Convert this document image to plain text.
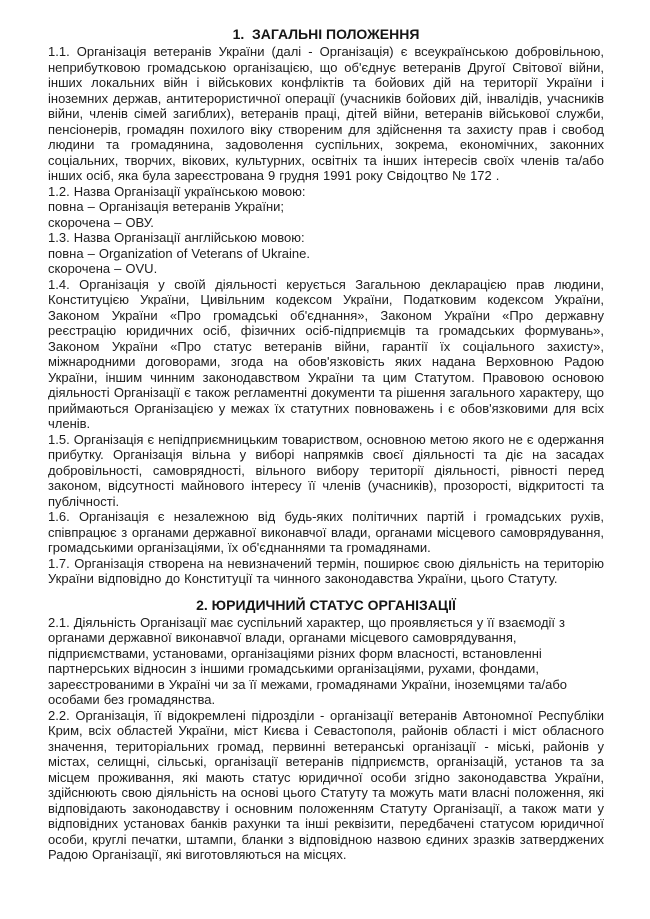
1.  ЗАГАЛЬНІ ПОЛОЖЕННЯ

1.1. Організація ветеранів України (далі - Організація) є всеукраїнською добровільною, неприбутковою громадською організацією, що об'єднує ветеранів Другої Світової війни, інших локальних війн і військових конфліктів та бойових дій на території України і іноземних держав, антитерористичної операції (учасників бойових дій, інвалідів, учасників війни, членів сімей загиблих), ветеранів праці, дітей війни, ветеранів військової служби, пенсіонерів, громадян похилого віку створеним для здійснення та захисту прав і свобод людини та громадянина, задоволення суспільних, зокрема, економічних, законних соціальних, творчих, вікових, культурних, освітніх та інших інтересів своїх членів та/або інших осіб, яка була зареєстрована 9 грудня 1991 року Свідоцтво № 172 .

1.2. Назва Організації українською мовою:

повна – Організація ветеранів України;

скорочена – ОВУ.

1.3. Назва Організації англійською мовою:

повна – Organization of Veterans of Ukraine.

скорочена – OVU.

1.4. Організація у своїй діяльності керується Загальною декларацією прав людини, Конституцією України, Цивільним кодексом України, Податковим кодексом України, Законом України «Про громадські об'єднання», Законом України «Про державну реєстрацію юридичних осіб, фізичних осіб-підприємців та громадських формувань», Законом України «Про статус ветеранів війни, гарантії їх соціального захисту», міжнародними договорами, згода на обов'язковість яких надана Верховною Радою України, іншим чинним законодавством України та цим Статутом. Правовою основою діяльності Організації є також регламентні документи та рішення загального характеру, що приймаються Організацією у межах їх статутних повноважень і є обов'язковими для всіх членів.

1.5. Організація є непідприємницьким товариством, основною метою якого не є одержання прибутку. Організація вільна у виборі напрямків своєї діяльності та діє на засадах добровільності, самоврядності, вільного вибору території діяльності, рівності перед законом, відсутності майнового інтересу її членів (учасників), прозорості, відкритості та публічності.

1.6. Організація є незалежною від будь-яких політичних партій і громадських рухів, співпрацює з органами державної виконавчої влади, органами місцевого самоврядування, громадськими організаціями, їх об'єднаннями та громадянами.

1.7. Організація створена на невизначений термін, поширює свою діяльність на територію України відповідно до Конституції та чинного законодавства України, цього Статуту.

2. ЮРИДИЧНИЙ СТАТУС ОРГАНІЗАЦІЇ

2.1. Діяльність Організації має суспільний характер, що проявляється у її взаємодії з органами державної виконавчої влади, органами місцевого самоврядування, підприємствами, установами, організаціями різних форм власності, встановленні партнерських відносин з іншими громадськими організаціями, рухами, фондами, зареєстрованими в Україні чи за її межами, громадянами України, іноземцями та/або особами без громадянства.

2.2. Організація, її відокремлені підрозділи - організації ветеранів Автономної Республіки Крим, всіх областей України, міст Києва і Севастополя, районів області і міст обласного значення, територіальних громад, первинні ветеранські організації - міські, районів у містах, селищні, сільські, організації ветеранів підприємств, організацій, установ та за місцем проживання, які мають статус юридичної особи згідно законодавства України, здійснюють свою діяльність на основі цього Статуту та можуть мати власні положення, які відповідають законодавству і основним положенням Статуту Організації, а також мати у відповідних установах банків рахунки та інші реквізити, передбачені статусом юридичної особи, круглі печатки, штампи, бланки з відповідною назвою єдиних зразків затверджених Радою Організації, які виготовляються на місцях.
